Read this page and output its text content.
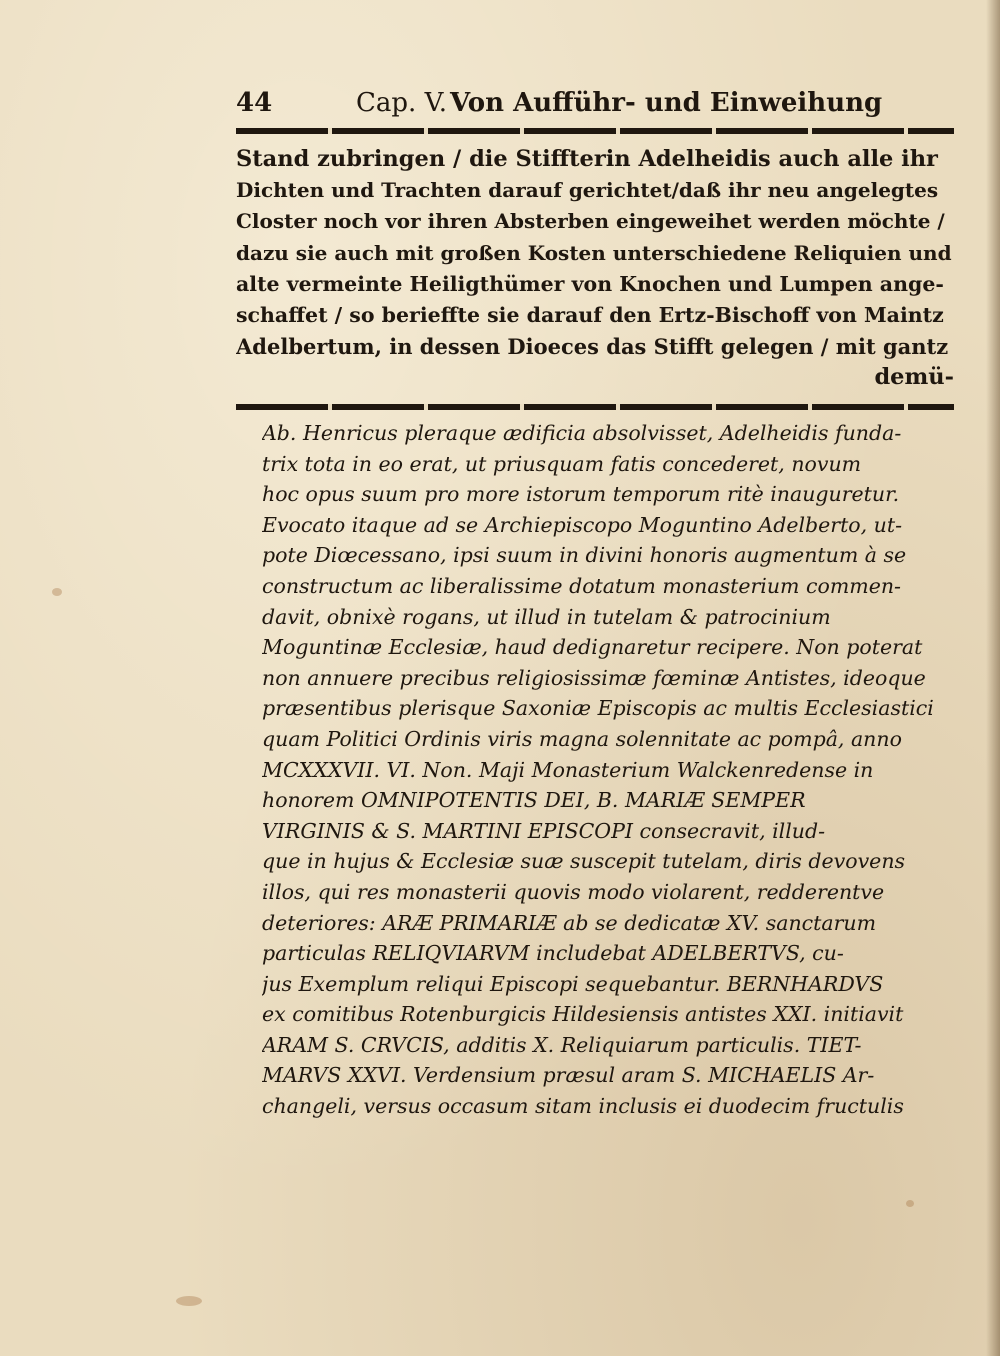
44	Cap. V. Von Aufführ- und Einweihung
Stand zubringen / die Stiffterin Adelheidis auch alle ihr
Dichten und Trachten darauf gerichtet/daß ihr neu angelegtes
Closter noch vor ihren Absterben eingeweihet werden möchte /
dazu sie auch mit großen Kosten unterschiedene Reliquien und
alte vermeinte Heiligthümer von Knochen und Lumpen ange-
schaffet / so berieffte sie darauf den Ertz-Bischoff von Maintz
Adelbertum, in dessen Dioeces das Stifft gelegen / mit gantz
demü-
Ab. Henricus pleraque ædificia absolvisset, Adelheidis funda-
trix tota in eo erat, ut priusquam fatis concederet, novum
hoc opus suum pro more istorum temporum ritè inauguretur.
Evocato itaque ad se Archiepiscopo Moguntino Adelberto, ut-
pote Diœcessano, ipsi suum in divini honoris augmentum à se
constructum ac liberalissime dotatum monasterium commen-
davit, obnixè rogans, ut illud in tutelam & patrocinium
Moguntinæ Ecclesiæ, haud dedignaretur recipere. Non poterat
non annuere precibus religiosissimæ fœminæ Antistes, ideoque
præsentibus plerisque Saxoniæ Episcopis ac multis Ecclesiastici
quam Politici Ordinis viris magna solennitate ac pompâ, anno
MCXXXVII. VI. Non. Maji Monasterium Walckenredense in
honorem OMNIPOTENTIS DEI, B. MARIÆ SEMPER
VIRGINIS & S. MARTINI EPISCOPI consecravit, illud-
que in hujus & Ecclesiæ suæ suscepit tutelam, diris devovens
illos, qui res monasterii quovis modo violarent, redderentve
deteriores: ARÆ PRIMARIÆ ab se dedicatæ XV. sanctarum
particulas RELIQVIARVM includebat ADELBERTVS, cu-
jus Exemplum reliqui Episcopi sequebantur. BERNHARDVS
ex comitibus Rotenburgicis Hildesiensis antistes XXI. initiavit
ARAM S. CRVCIS, additis X. Reliquiarum particulis. TIET-
MARVS XXVI. Verdensium præsul aram S. MICHAELIS Ar-
changeli, versus occasum sitam inclusis ei duodecim fructulis
